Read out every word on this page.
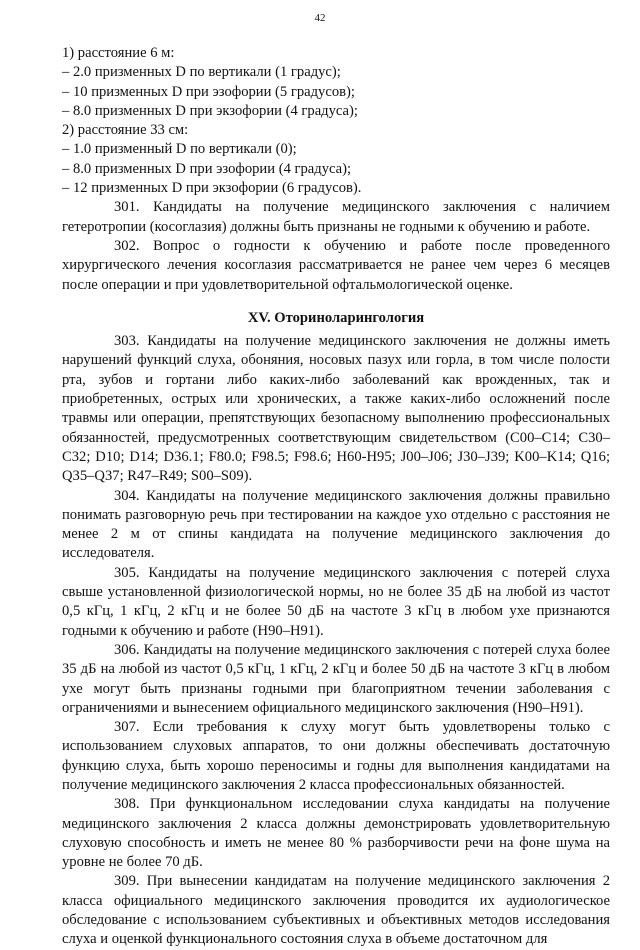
42

1) расстояние 6 м:

– 2.0 призменных D по вертикали (1 градус);

– 10 призменных D при эзофории (5 градусов);

– 8.0 призменных D при экзофории (4 градуса);

2) расстояние 33 см:

– 1.0 призменный D по вертикали (0);

– 8.0 призменных D при эзофории (4 градуса);

– 12 призменных D при экзофории (6 градусов).

301. Кандидаты на получение медицинского заключения с наличием гетеротропии (косоглазия) должны быть признаны не годными к обучению и работе.

302. Вопрос о годности к обучению и работе после проведенного хирургического лечения косоглазия рассматривается не ранее чем через 6 месяцев после операции и при удовлетворительной офтальмологической оценке.

XV. Оториноларингология

303. Кандидаты на получение медицинского заключения не должны иметь нарушений функций слуха, обоняния, носовых пазух или горла, в том числе полости рта, зубов и гортани либо каких-либо заболеваний как врожденных, так и приобретенных, острых или хронических, а также каких-либо осложнений после травмы или операции, препятствующих безопасному выполнению профессиональных обязанностей, предусмотренных соответствующим свидетельством (C00–C14; C30–C32; D10; D14; D36.1; F80.0; F98.5; F98.6; H60-H95; J00–J06; J30–J39; K00–K14; Q16; Q35–Q37; R47–R49; S00–S09).

304. Кандидаты на получение медицинского заключения должны правильно понимать разговорную речь при тестировании на каждое ухо отдельно с расстояния не менее 2 м от спины кандидата на получение медицинского заключения до исследователя.

305. Кандидаты на получение медицинского заключения с потерей слуха свыше установленной физиологической нормы, но не более 35 дБ на любой из частот 0,5 кГц, 1 кГц, 2 кГц и не более 50 дБ на частоте 3 кГц в любом ухе признаются годными к обучению и работе (H90–H91).

306. Кандидаты на получение медицинского заключения с потерей слуха более 35 дБ на любой из частот 0,5 кГц, 1 кГц, 2 кГц и более 50 дБ на частоте 3 кГц в любом ухе могут быть признаны годными при благоприятном течении заболевания с ограничениями и вынесением официального медицинского заключения (H90–H91).

307. Если требования к слуху могут быть удовлетворены только с использованием слуховых аппаратов, то они должны обеспечивать достаточную функцию слуха, быть хорошо переносимы и годны для выполнения кандидатами на получение медицинского заключения 2 класса профессиональных обязанностей.

308. При функциональном исследовании слуха кандидаты на получение медицинского заключения 2 класса должны демонстрировать удовлетворительную слуховую способность и иметь не менее 80 % разборчивости речи на фоне шума на уровне не более 70 дБ.

309. При вынесении кандидатам на получение медицинского заключения 2 класса официального медицинского заключения проводится их аудиологическое обследование с использованием субъективных и объективных методов исследования слуха и оценкой функционального состояния слуха в объеме достаточном для
